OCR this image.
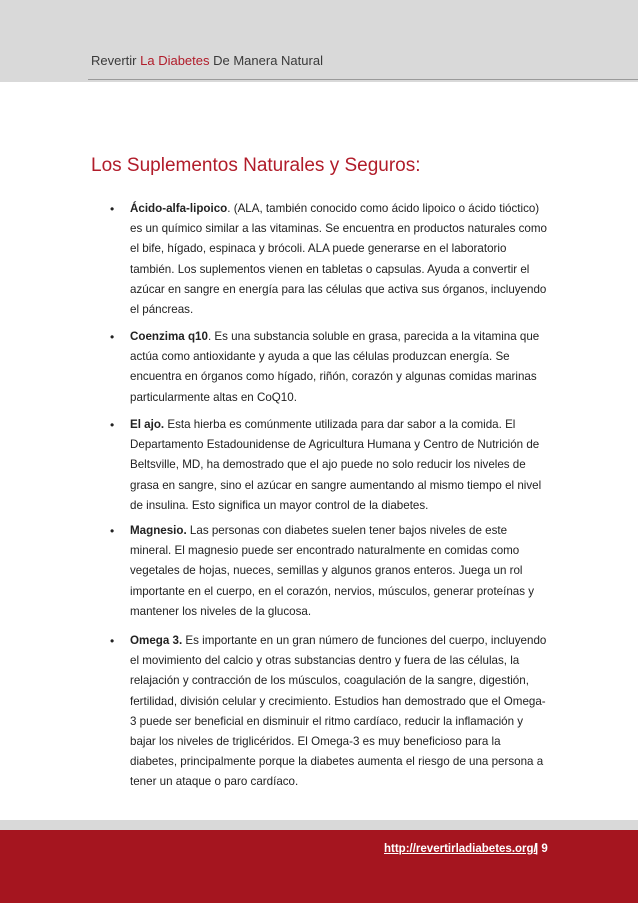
Revertir La Diabetes De Manera Natural
Los Suplementos Naturales y Seguros:
• Ácido-alfa-lipoico. (ALA, también conocido como ácido lipoico o ácido tióctico) es un químico similar a las vitaminas. Se encuentra en productos naturales como el bife, hígado, espinaca y brócoli. ALA puede generarse en el laboratorio también. Los suplementos vienen en tabletas o capsulas. Ayuda a convertir el azúcar en sangre en energía para las células que activa sus órganos, incluyendo el páncreas.
• Coenzima q10. Es una substancia soluble en grasa, parecida a la vitamina que actúa como antioxidante y ayuda a que las células produzcan energía. Se encuentra en órganos como hígado, riñón, corazón y algunas comidas marinas particularmente altas en CoQ10.
• El ajo. Esta hierba es comúnmente utilizada para dar sabor a la comida. El Departamento Estadounidense de Agricultura Humana y Centro de Nutrición de Beltsville, MD, ha demostrado que el ajo puede no solo reducir los niveles de grasa en sangre, sino el azúcar en sangre aumentando al mismo tiempo el nivel de insulina. Esto significa un mayor control de la diabetes.
• Magnesio. Las personas con diabetes suelen tener bajos niveles de este mineral. El magnesio puede ser encontrado naturalmente en comidas como vegetales de hojas, nueces, semillas y algunos granos enteros. Juega un rol importante en el cuerpo, en el corazón, nervios, músculos, generar proteínas y mantener los niveles de la glucosa.
• Omega 3. Es importante en un gran número de funciones del cuerpo, incluyendo el movimiento del calcio y otras substancias dentro y fuera de las células, la relajación y contracción de los músculos, coagulación de la sangre, digestión, fertilidad, división celular y crecimiento. Estudios han demostrado que el Omega-3 puede ser beneficial en disminuir el ritmo cardíaco, reducir la inflamación y bajar los niveles de triglicéridos. El Omega-3 es muy beneficioso para la diabetes, principalmente porque la diabetes aumenta el riesgo de una persona a tener un ataque o paro cardíaco.
http://revertirladiabetes.org/
| 9
